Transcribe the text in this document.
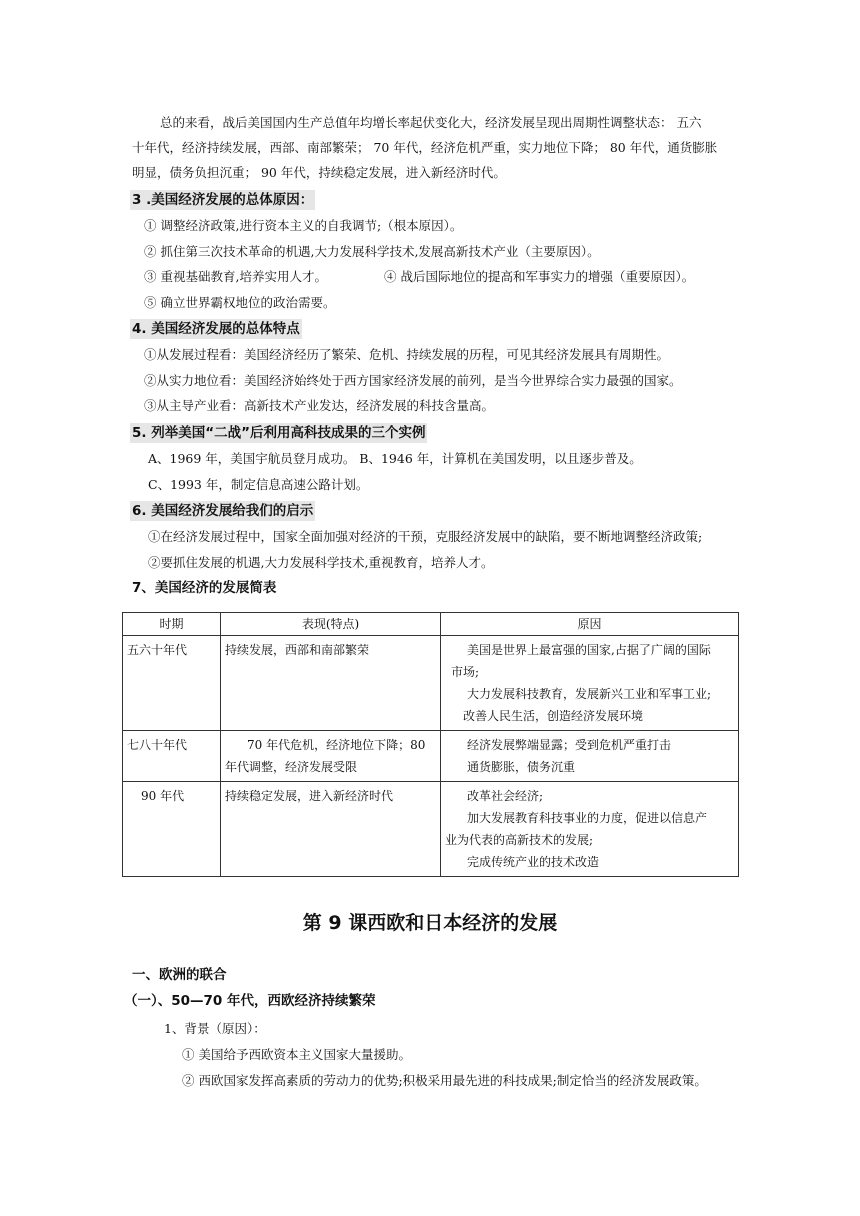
总的来看，战后美国国内生产总值年均增长率起伏变化大，经济发展呈现出周期性调整状态： 五六
十年代，经济持续发展，西部、南部繁荣； 70 年代，经济危机严重，实力地位下降； 80 年代，通货膨胀
明显，债务负担沉重； 90 年代，持续稳定发展，进入新经济时代。
3 .美国经济发展的总体原因：
① 调整经济政策,进行资本主义的自我调节;（根本原因）。
② 抓住第三次技术革命的机遇,大力发展科学技术,发展高新技术产业（主要原因）。
③ 重视基础教育,培养实用人才。	④ 战后国际地位的提高和军事实力的增强（重要原因）。
⑤ 确立世界霸权地位的政治需要。
4. 美国经济发展的总体特点
①从发展过程看：美国经济经历了繁荣、危机、持续发展的历程，可见其经济发展具有周期性。
②从实力地位看：美国经济始终处于西方国家经济发展的前列，是当今世界综合实力最强的国家。
③从主导产业看：高新技术产业发达，经济发展的科技含量高。
5. 列举美国“二战”后利用高科技成果的三个实例
A、1969 年，美国宇航员登月成功。 B、1946 年，计算机在美国发明，以且逐步普及。
C、1993 年，制定信息高速公路计划。
6. 美国经济发展给我们的启示
①在经济发展过程中，国家全面加强对经济的干预，克服经济发展中的缺陷，要不断地调整经济政策;
②要抓住发展的机遇,大力发展科学技术,重视教育，培养人才。
7、美国经济的发展简表
时期	表现(特点)	原因
五六十年代	持续发展，西部和南部繁荣	美国是世界上最富强的国家,占据了广阔的国际
市场;
大力发展科技教育，发展新兴工业和军事工业;
改善人民生活，创造经济发展环境

七八十年代	70 年代危机，经济地位下降；80
年代调整，经济发展受限	经济发展弊端显露；受到危机严重打击
通货膨胀，债务沉重

90 年代	持续稳定发展，进入新经济时代	改革社会经济;
加大发展教育科技事业的力度，促进以信息产
业为代表的高新技术的发展;
完成传统产业的技术改造
第 9 课西欧和日本经济的发展
一、欧洲的联合
（一）、50—70 年代，西欧经济持续繁荣
1、背景（原因）：
① 美国给予西欧资本主义国家大量援助。
② 西欧国家发挥高素质的劳动力的优势;积极采用最先进的科技成果;制定恰当的经济发展政策。
